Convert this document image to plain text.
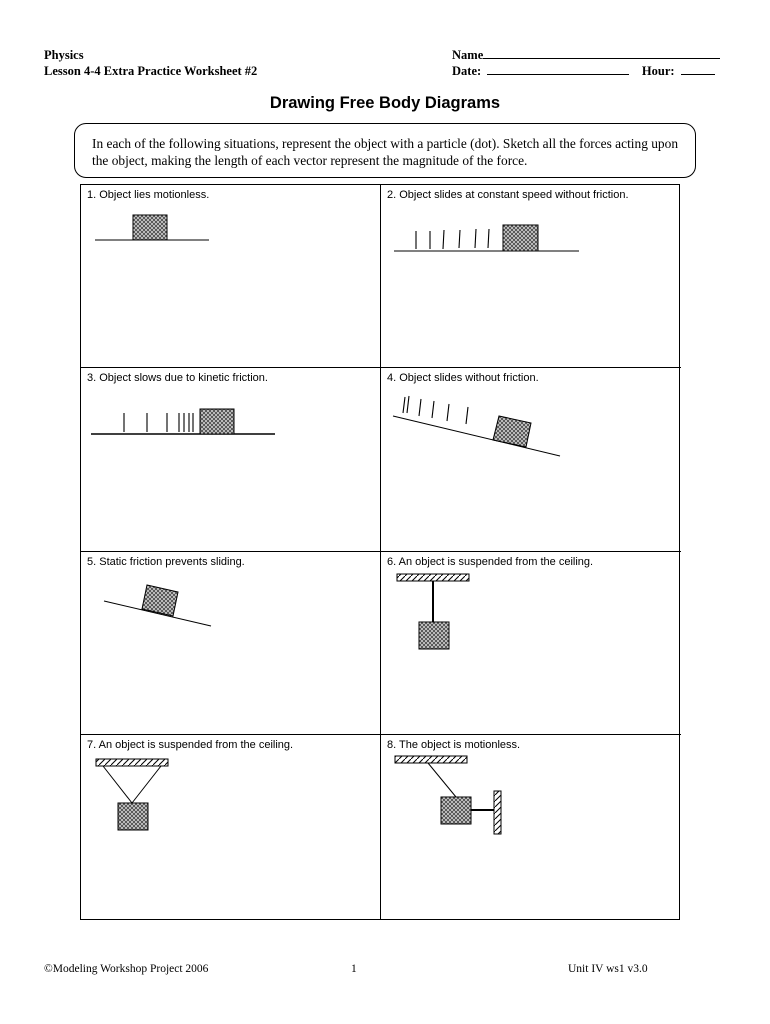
Physics
Lesson 4-4 Extra Practice Worksheet #2
Name
Date:	Hour:
Drawing Free Body Diagrams
In each of the following situations, represent the object with a particle (dot). Sketch all the forces acting upon the object, making the length of each vector represent the magnitude of the force.
1. Object lies motionless.	2. Object slides at constant speed without friction.
3. Object slows due to kinetic friction.	4. Object slides without friction.
5. Static friction prevents sliding.	6. An object is suspended from the ceiling.
7. An object is suspended from the ceiling.	8. The object is motionless.
©Modeling Workshop Project 2006	1	Unit IV ws1 v3.0
